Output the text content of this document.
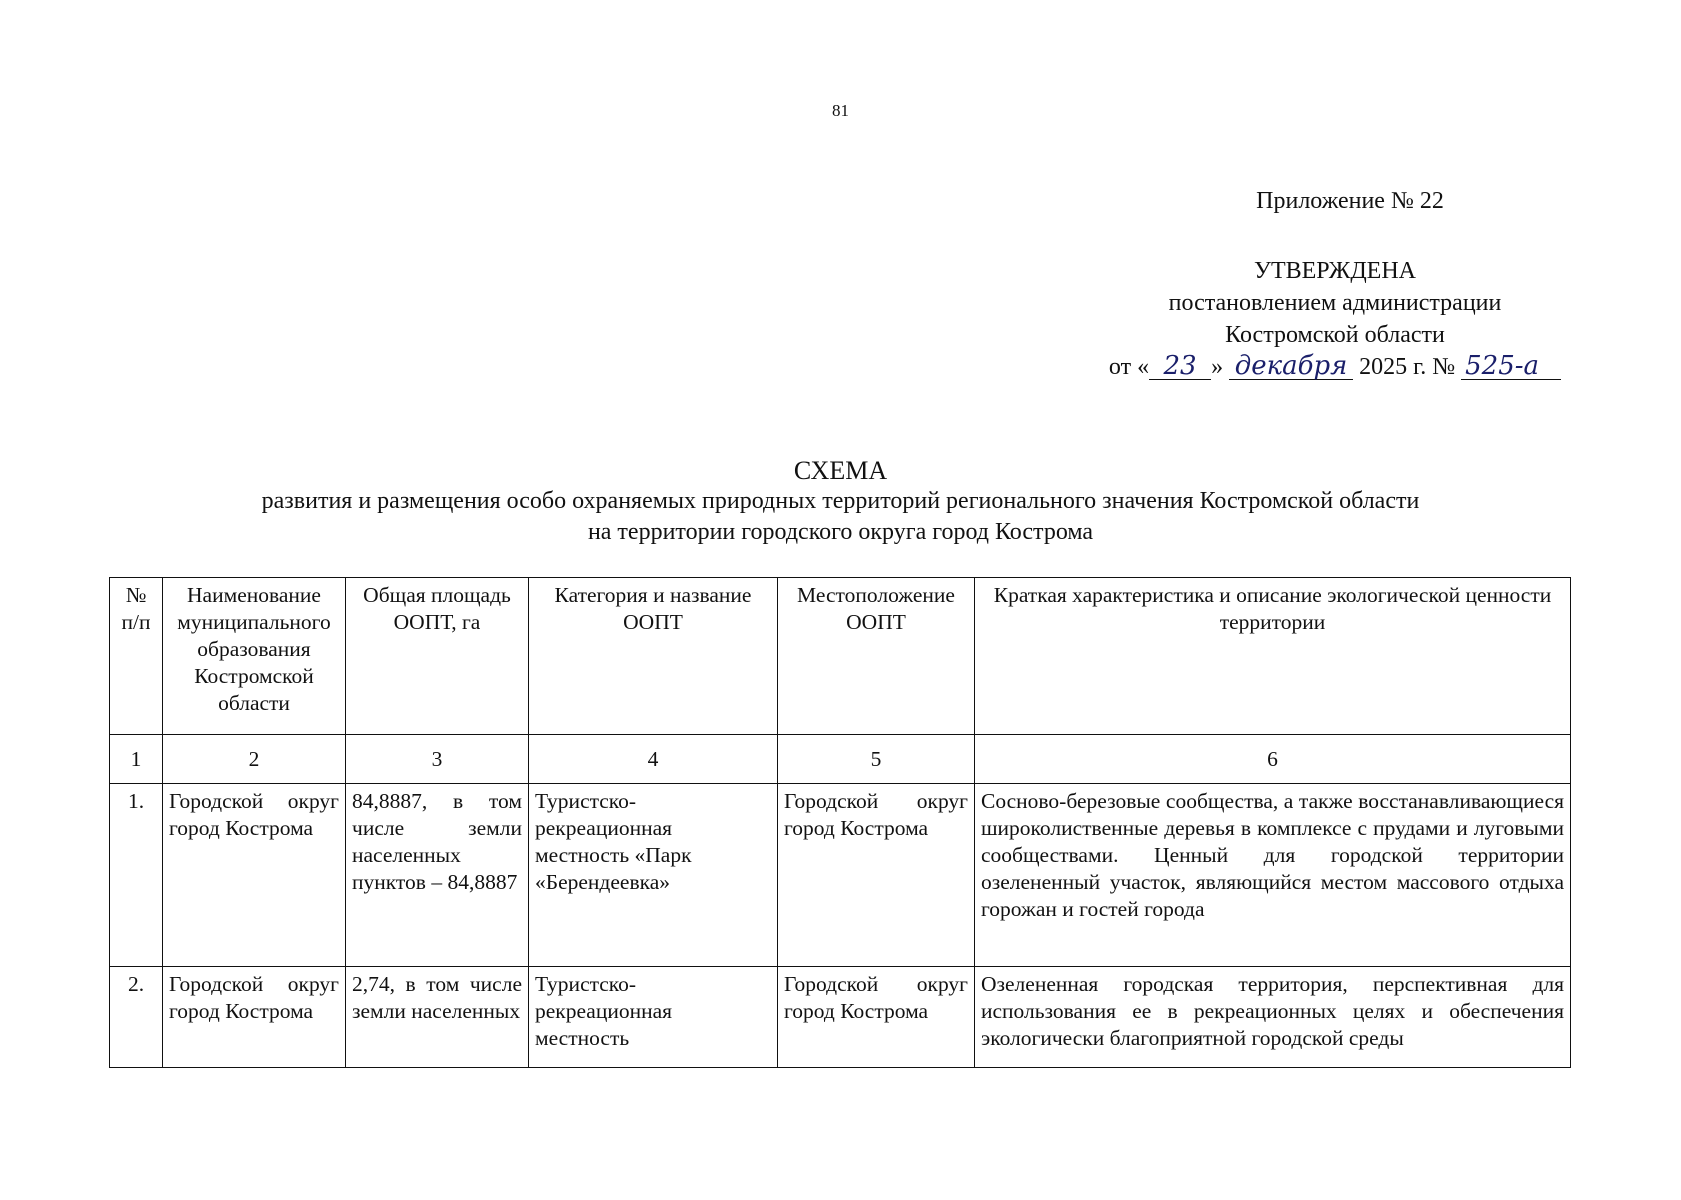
81
Приложение № 22
УТВЕРЖДЕНА
постановлением администрации
Костромской области
от « 23 » декабря 2025 г. № 525-а
СХЕМА
развития и размещения особо охраняемых природных территорий регионального значения Костромской области
на территории городского округа город Кострома
№ п/п	Наименование муниципального образования Костромской области	Общая площадь ООПТ, га	Категория и название ООПТ	Местоположение ООПТ	Краткая характеристика и описание экологической ценности территории
1	2	3	4	5	6
1.	Городской округ город Кострома	84,8887, в том числе земли населенных пунктов – 84,8887	Туристско-рекреационная местность «Парк «Берендеевка»	Городской округ город Кострома	Сосново-березовые сообщества, а также восстанавливающиеся широколиственные деревья в комплексе с прудами и луговыми сообществами. Ценный для городской территории озелененный участок, являющийся местом массового отдыха горожан и гостей города
2.	Городской округ город Кострома	2,74, в том числе земли населенных	Туристско-рекреационная местность	Городской округ город Кострома	Озелененная городская территория, перспективная для использования ее в рекреационных целях и обеспечения экологически благоприятной городской среды
